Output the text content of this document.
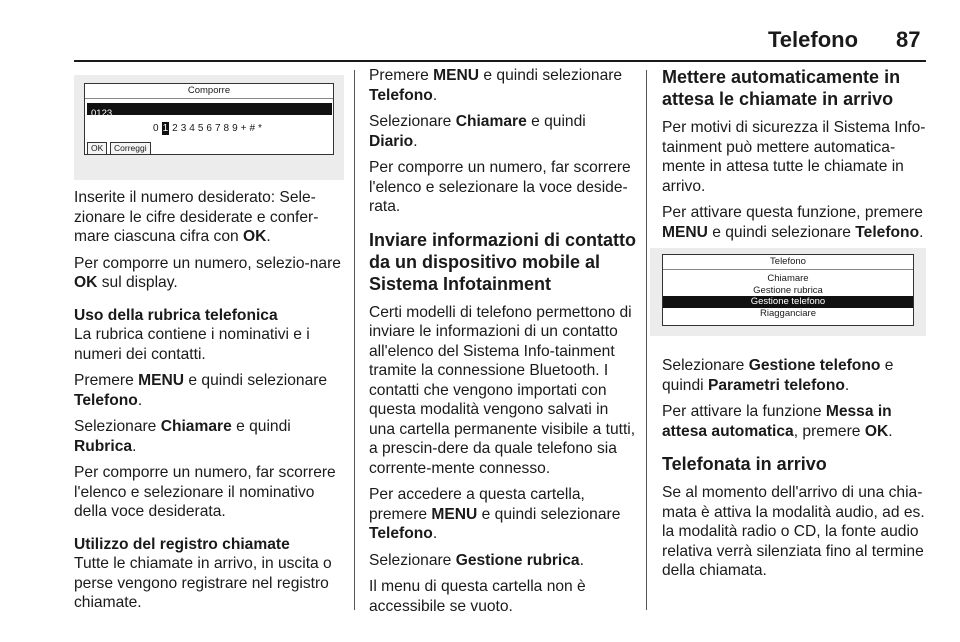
Telefono 87
Comporre
0123_
0 1 2 3 4 5 6 7 8 9 + # *
OK	Correggi

Inserite il numero desiderato: Sele-zionare le cifre desiderate e confer-mare ciascuna cifra con OK.

Per comporre un numero, selezio-nare OK sul display.

Uso della rubrica telefonica

La rubrica contiene i nominativi e i numeri dei contatti.

Premere MENU e quindi selezionare Telefono.

Selezionare Chiamare e quindi Rubrica.

Per comporre un numero, far scorrere l'elenco e selezionare il nominativo della voce desiderata.

Utilizzo del registro chiamate

Tutte le chiamate in arrivo, in uscita o perse vengono registrare nel registro chiamate.

Premere MENU e quindi selezionare Telefono.

Selezionare Chiamare e quindi Diario.

Per comporre un numero, far scorrere l'elenco e selezionare la voce deside-rata.

Inviare informazioni di contatto da un dispositivo mobile al Sistema Infotainment

Certi modelli di telefono permettono di inviare le informazioni di un contatto all'elenco del Sistema Info-tainment tramite la connessione Bluetooth. I contatti che vengono importati con questa modalità vengono salvati in una cartella permanente visibile a tutti, a prescin-dere da quale telefono sia corrente-mente connesso.

Per accedere a questa cartella, premere MENU e quindi selezionare Telefono.

Selezionare Gestione rubrica.

Il menu di questa cartella non è accessibile se vuoto.

Mettere automaticamente in attesa le chiamate in arrivo

Per motivi di sicurezza il Sistema Info-tainment può mettere automatica-mente in attesa tutte le chiamate in arrivo.

Per attivare questa funzione, premere MENU e quindi selezionare Telefono.

Telefono
Chiamare
Gestione rubrica
Gestione telefono
Riagganciare

Selezionare Gestione telefono e quindi Parametri telefono.

Per attivare la funzione Messa in attesa automatica, premere OK.

Telefonata in arrivo

Se al momento dell'arrivo di una chia-mata è attiva la modalità audio, ad es. la modalità radio o CD, la fonte audio relativa verrà silenziata fino al termine della chiamata.
